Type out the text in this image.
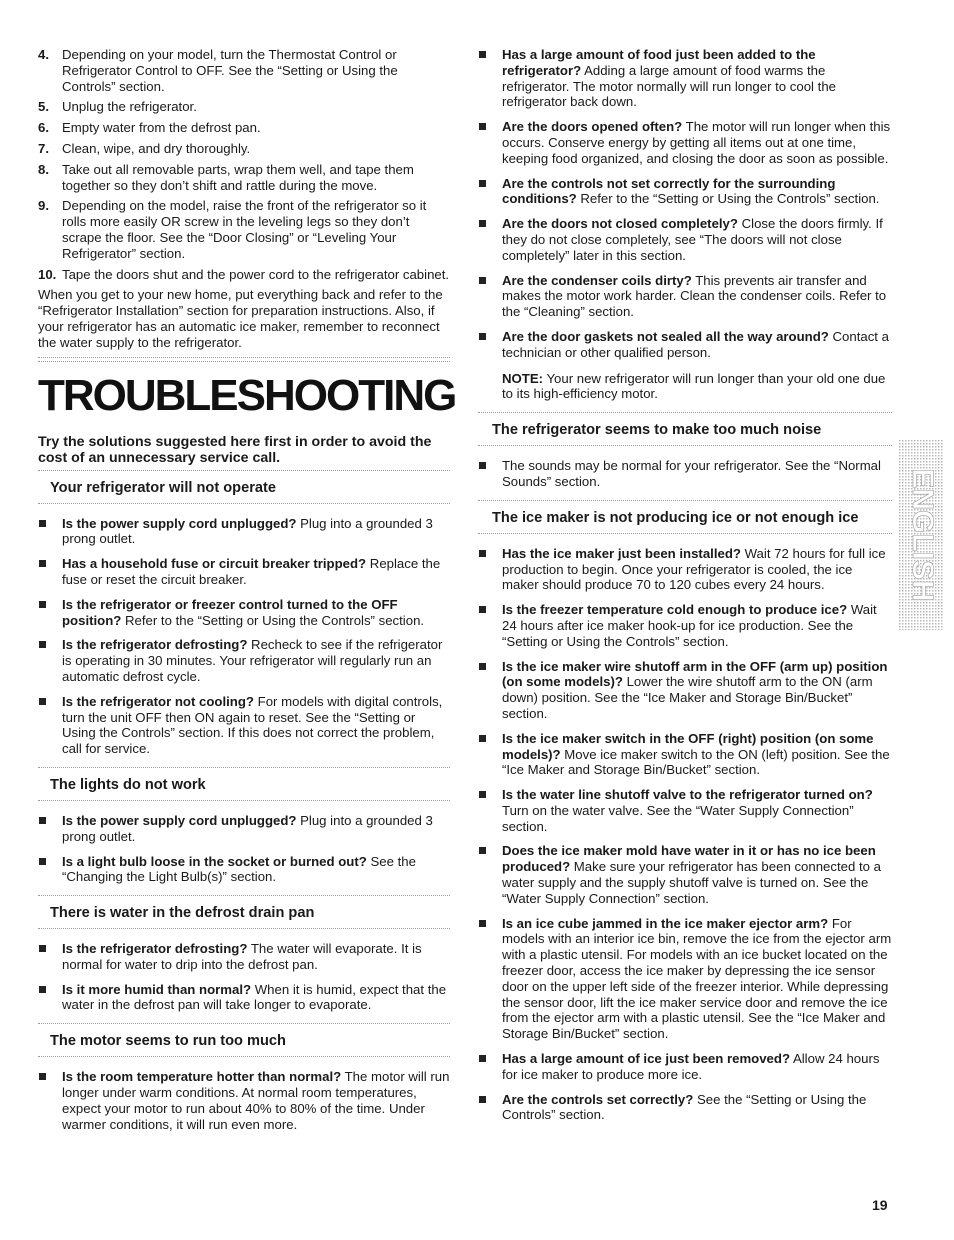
4. Depending on your model, turn the Thermostat Control or Refrigerator Control to OFF. See the “Setting or Using the Controls” section.
5. Unplug the refrigerator.
6. Empty water from the defrost pan.
7. Clean, wipe, and dry thoroughly.
8. Take out all removable parts, wrap them well, and tape them together so they don’t shift and rattle during the move.
9. Depending on the model, raise the front of the refrigerator so it rolls more easily OR screw in the leveling legs so they don’t scrape the floor. See the “Door Closing” or “Leveling Your Refrigerator” section.
10. Tape the doors shut and the power cord to the refrigerator cabinet.

When you get to your new home, put everything back and refer to the “Refrigerator Installation” section for preparation instructions. Also, if your refrigerator has an automatic ice maker, remember to reconnect the water supply to the refrigerator.

TROUBLESHOOTING

Try the solutions suggested here first in order to avoid the cost of an unnecessary service call.

Your refrigerator will not operate
Is the power supply cord unplugged? Plug into a grounded 3 prong outlet.
Has a household fuse or circuit breaker tripped? Replace the fuse or reset the circuit breaker.
Is the refrigerator or freezer control turned to the OFF position? Refer to the “Setting or Using the Controls” section.
Is the refrigerator defrosting? Recheck to see if the refrigerator is operating in 30 minutes. Your refrigerator will regularly run an automatic defrost cycle.
Is the refrigerator not cooling? For models with digital controls, turn the unit OFF then ON again to reset. See the “Setting or Using the Controls” section. If this does not correct the problem, call for service.
The lights do not work
Is the power supply cord unplugged? Plug into a grounded 3 prong outlet.
Is a light bulb loose in the socket or burned out? See the “Changing the Light Bulb(s)” section.
There is water in the defrost drain pan
Is the refrigerator defrosting? The water will evaporate. It is normal for water to drip into the defrost pan.
Is it more humid than normal? When it is humid, expect that the water in the defrost pan will take longer to evaporate.
The motor seems to run too much
Is the room temperature hotter than normal? The motor will run longer under warm conditions. At normal room temperatures, expect your motor to run about 40% to 80% of the time. Under warmer conditions, it will run even more.
Has a large amount of food just been added to the refrigerator? Adding a large amount of food warms the refrigerator. The motor normally will run longer to cool the refrigerator back down.
Are the doors opened often? The motor will run longer when this occurs. Conserve energy by getting all items out at one time, keeping food organized, and closing the door as soon as possible.
Are the controls not set correctly for the surrounding conditions? Refer to the “Setting or Using the Controls” section.
Are the doors not closed completely? Close the doors firmly. If they do not close completely, see “The doors will not close completely” later in this section.
Are the condenser coils dirty? This prevents air transfer and makes the motor work harder. Clean the condenser coils. Refer to the “Cleaning” section.
Are the door gaskets not sealed all the way around? Contact a technician or other qualified person.

NOTE: Your new refrigerator will run longer than your old one due to its high-efficiency motor.

The refrigerator seems to make too much noise
The sounds may be normal for your refrigerator. See the “Normal Sounds” section.
The ice maker is not producing ice or not enough ice
Has the ice maker just been installed? Wait 72 hours for full ice production to begin. Once your refrigerator is cooled, the ice maker should produce 70 to 120 cubes every 24 hours.
Is the freezer temperature cold enough to produce ice? Wait 24 hours after ice maker hook-up for ice production. See the “Setting or Using the Controls” section.
Is the ice maker wire shutoff arm in the OFF (arm up) position (on some models)? Lower the wire shutoff arm to the ON (arm down) position. See the “Ice Maker and Storage Bin/Bucket” section.
Is the ice maker switch in the OFF (right) position (on some models)? Move ice maker switch to the ON (left) position. See the “Ice Maker and Storage Bin/Bucket” section.
Is the water line shutoff valve to the refrigerator turned on? Turn on the water valve. See the “Water Supply Connection” section.
Does the ice maker mold have water in it or has no ice been produced? Make sure your refrigerator has been connected to a water supply and the supply shutoff valve is turned on. See the “Water Supply Connection” section.
Is an ice cube jammed in the ice maker ejector arm? For models with an interior ice bin, remove the ice from the ejector arm with a plastic utensil. For models with an ice bucket located on the freezer door, access the ice maker by depressing the ice sensor door on the upper left side of the freezer interior. While depressing the sensor door, lift the ice maker service door and remove the ice from the ejector arm with a plastic utensil. See the “Ice Maker and Storage Bin/Bucket” section.
Has a large amount of ice just been removed? Allow 24 hours for ice maker to produce more ice.
Are the controls set correctly? See the “Setting or Using the Controls” section.
ENGLISH
19
